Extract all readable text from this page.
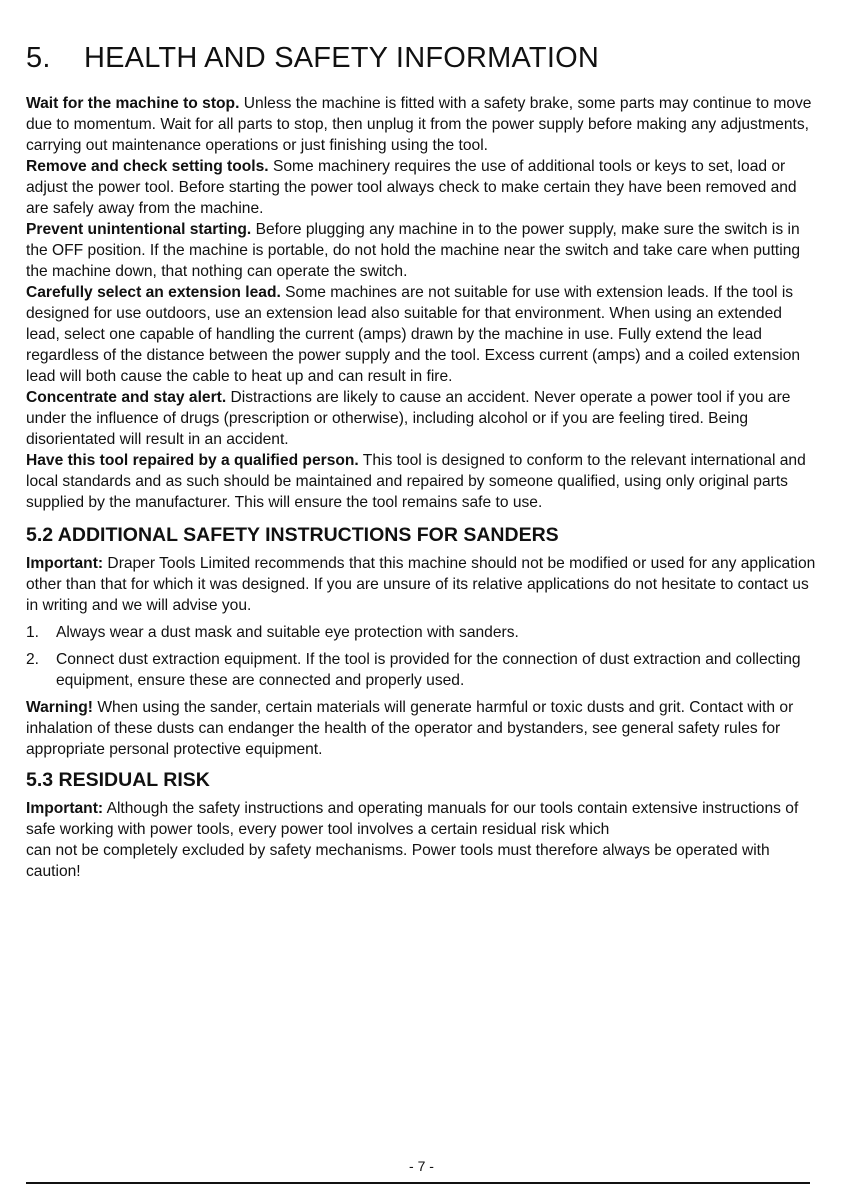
5. HEALTH AND SAFETY INFORMATION

Wait for the machine to stop. Unless the machine is fitted with a safety brake, some parts may continue to move due to momentum. Wait for all parts to stop, then unplug it from the power supply before making any adjustments, carrying out maintenance operations or just finishing using the tool.

Remove and check setting tools. Some machinery requires the use of additional tools or keys to set, load or adjust the power tool. Before starting the power tool always check to make certain they have been removed and are safely away from the machine.

Prevent unintentional starting. Before plugging any machine in to the power supply, make sure the switch is in the OFF position. If the machine is portable, do not hold the machine near the switch and take care when putting the machine down, that nothing can operate the switch.

Carefully select an extension lead. Some machines are not suitable for use with extension leads. If the tool is designed for use outdoors, use an extension lead also suitable for that environment. When using an extended lead, select one capable of handling the current (amps) drawn by the machine in use. Fully extend the lead regardless of the distance between the power supply and the tool. Excess current (amps) and a coiled extension lead will both cause the cable to heat up and can result in fire.

Concentrate and stay alert. Distractions are likely to cause an accident. Never operate a power tool if you are under the influence of drugs (prescription or otherwise), including alcohol or if you are feeling tired. Being disorientated will result in an accident.

Have this tool repaired by a qualified person. This tool is designed to conform to the relevant international and local standards and as such should be maintained and repaired by someone qualified, using only original parts supplied by the manufacturer. This will ensure the tool remains safe to use.

5.2 ADDITIONAL SAFETY INSTRUCTIONS FOR SANDERS

Important: Draper Tools Limited recommends that this machine should not be modified or used for any application other than that for which it was designed. If you are unsure of its relative applications do not hesitate to contact us in writing and we will advise you.

1. Always wear a dust mask and suitable eye protection with sanders.
2. Connect dust extraction equipment. If the tool is provided for the connection of dust extraction and collecting equipment, ensure these are connected and properly used.

Warning! When using the sander, certain materials will generate harmful or toxic dusts and grit. Contact with or inhalation of these dusts can endanger the health of the operator and bystanders, see general safety rules for appropriate personal protective equipment.

5.3 RESIDUAL RISK

Important: Although the safety instructions and operating manuals for our tools contain extensive instructions of safe working with power tools, every power tool involves a certain residual risk which
can not be completely excluded by safety mechanisms. Power tools must therefore always be operated with caution!

- 7 -
